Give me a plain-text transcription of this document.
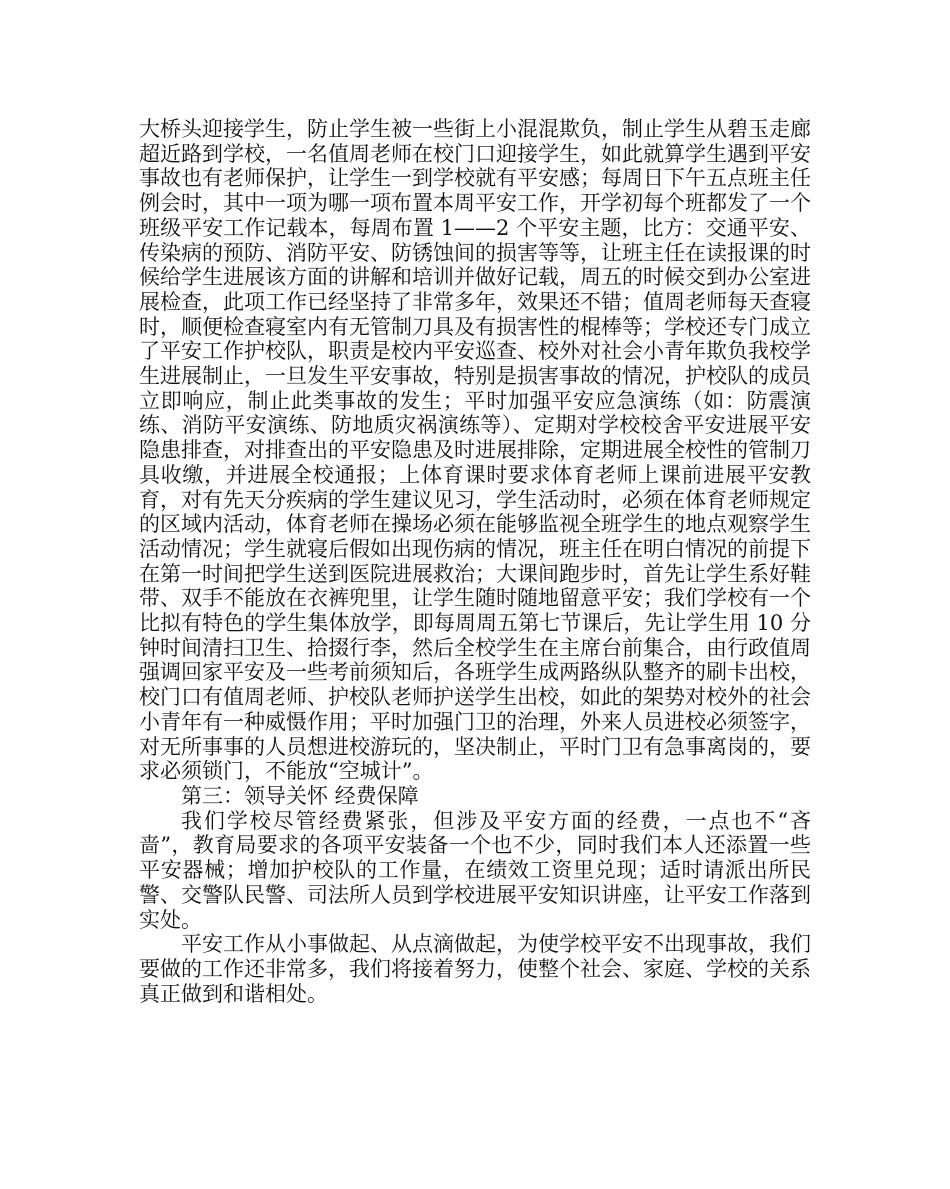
大桥头迎接学生，防止学生被一些街上小混混欺负，制止学生从碧玉走廊超近路到学校，一名值周老师在校门口迎接学生，如此就算学生遇到平安事故也有老师保护，让学生一到学校就有平安感；每周日下午五点班主任例会时，其中一项为哪一项布置本周平安工作，开学初每个班都发了一个班级平安工作记载本，每周布置 1——2 个平安主题，比方：交通平安、传染病的预防、消防平安、防锈蚀间的损害等等，让班主任在读报课的时候给学生进展该方面的讲解和培训并做好记载，周五的时候交到办公室进展检查，此项工作已经坚持了非常多年，效果还不错；值周老师每天查寝时，顺便检查寝室内有无管制刀具及有损害性的棍棒等；学校还专门成立了平安工作护校队，职责是校内平安巡查、校外对社会小青年欺负我校学生进展制止，一旦发生平安事故，特别是损害事故的情况，护校队的成员立即响应，制止此类事故的发生；平时加强平安应急演练（如：防震演练、消防平安演练、防地质灾祸演练等）、定期对学校校舍平安进展平安隐患排查，对排查出的平安隐患及时进展排除，定期进展全校性的管制刀具收缴，并进展全校通报；上体育课时要求体育老师上课前进展平安教育，对有先天分疾病的学生建议见习，学生活动时，必须在体育老师规定的区域内活动，体育老师在操场必须在能够监视全班学生的地点观察学生活动情况；学生就寝后假如出现伤病的情况，班主任在明白情况的前提下在第一时间把学生送到医院进展救治；大课间跑步时，首先让学生系好鞋带、双手不能放在衣裤兜里，让学生随时随地留意平安；我们学校有一个比拟有特色的学生集体放学，即每周周五第七节课后，先让学生用 10 分钟时间清扫卫生、拾掇行李，然后全校学生在主席台前集合，由行政值周强调回家平安及一些考前须知后，各班学生成两路纵队整齐的刷卡出校，校门口有值周老师、护校队老师护送学生出校，如此的架势对校外的社会小青年有一种威慑作用；平时加强门卫的治理，外来人员进校必须签字，对无所事事的人员想进校游玩的，坚决制止，平时门卫有急事离岗的，要求必须锁门，不能放“空城计”。

第三：领导关怀 经费保障

我们学校尽管经费紧张，但涉及平安方面的经费，一点也不“吝啬”，教育局要求的各项平安装备一个也不少，同时我们本人还添置一些平安器械；增加护校队的工作量，在绩效工资里兑现；适时请派出所民警、交警队民警、司法所人员到学校进展平安知识讲座，让平安工作落到实处。

平安工作从小事做起、从点滴做起，为使学校平安不出现事故，我们要做的工作还非常多，我们将接着努力，使整个社会、家庭、学校的关系真正做到和谐相处。
